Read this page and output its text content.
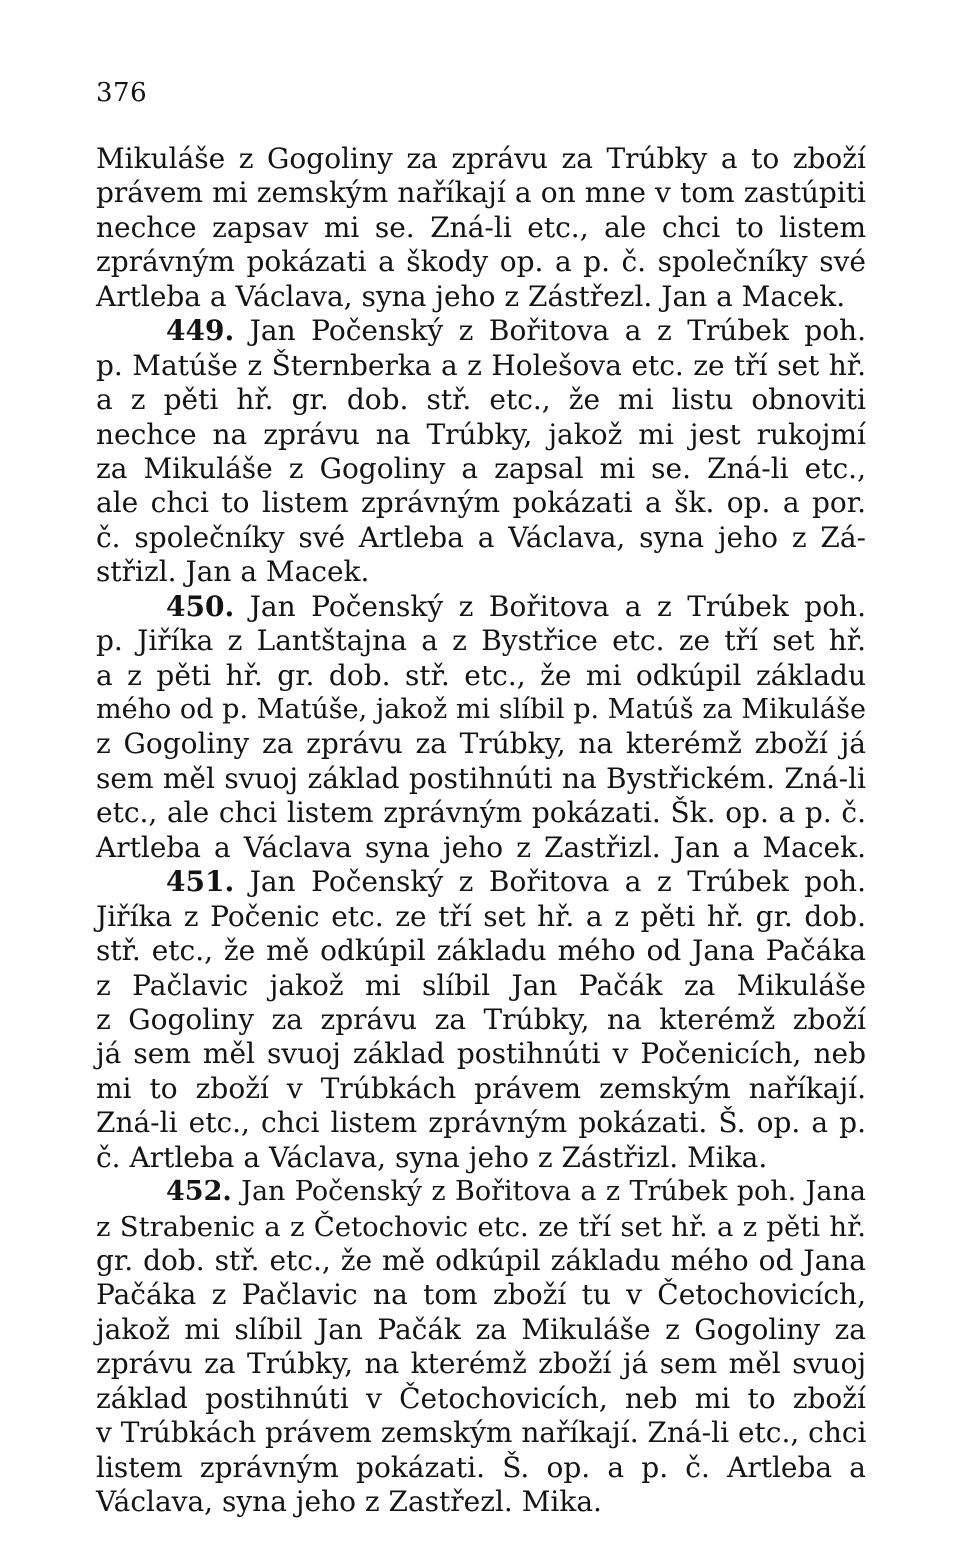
376
Mikuláše z Gogoliny za zprávu za Trúbky a to zboží
právem mi zemským naříkají a on mne v tom zastúpiti
nechce zapsav mi se. Zná-li etc., ale chci to listem
zprávným pokázati a škody op. a p. č. společníky své
Artleba a Václava, syna jeho z Zástřezl. Jan a Macek.
449. Jan Počenský z Bořitova a z Trúbek poh.
p. Matúše z Šternberka a z Holešova etc. ze tří set hř.
a z pěti hř. gr. dob. stř. etc., že mi listu obnoviti
nechce na zprávu na Trúbky, jakož mi jest rukojmí
za Mikuláše z Gogoliny a zapsal mi se. Zná-li etc.,
ale chci to listem zprávným pokázati a šk. op. a por.
č. společníky své Artleba a Václava, syna jeho z Zá-
střizl. Jan a Macek.
450. Jan Počenský z Bořitova a z Trúbek poh.
p. Jiříka z Lantštajna a z Bystřice etc. ze tří set hř.
a z pěti hř. gr. dob. stř. etc., že mi odkúpil základu
mého od p. Matúše, jakož mi slíbil p. Matúš za Mikuláše
z Gogoliny za zprávu za Trúbky, na kterémž zboží já
sem měl svuoj základ postihnúti na Bystřickém. Zná-li
etc., ale chci listem zprávným pokázati. Šk. op. a p. č.
Artleba a Václava syna jeho z Zastřizl. Jan a Macek.
451. Jan Počenský z Bořitova a z Trúbek poh.
Jiříka z Počenic etc. ze tří set hř. a z pěti hř. gr. dob.
stř. etc., že mě odkúpil základu mého od Jana Pačáka
z Pačlavic jakož mi slíbil Jan Pačák za Mikuláše
z Gogoliny za zprávu za Trúbky, na kterémž zboží
já sem měl svuoj základ postihnúti v Počenicích, neb
mi to zboží v Trúbkách právem zemským naříkají.
Zná-li etc., chci listem zprávným pokázati. Š. op. a p.
č. Artleba a Václava, syna jeho z Zástřizl. Mika.
452. Jan Počenský z Bořitova a z Trúbek poh. Jana
z Strabenic a z Četochovic etc. ze tří set hř. a z pěti hř.
gr. dob. stř. etc., že mě odkúpil základu mého od Jana
Pačáka z Pačlavic na tom zboží tu v Četochovicích,
jakož mi slíbil Jan Pačák za Mikuláše z Gogoliny za
zprávu za Trúbky, na kterémž zboží já sem měl svuoj
základ postihnúti v Četochovicích, neb mi to zboží
v Trúbkách právem zemským naříkají. Zná-li etc., chci
listem zprávným pokázati. Š. op. a p. č. Artleba a
Václava, syna jeho z Zastřezl. Mika.
